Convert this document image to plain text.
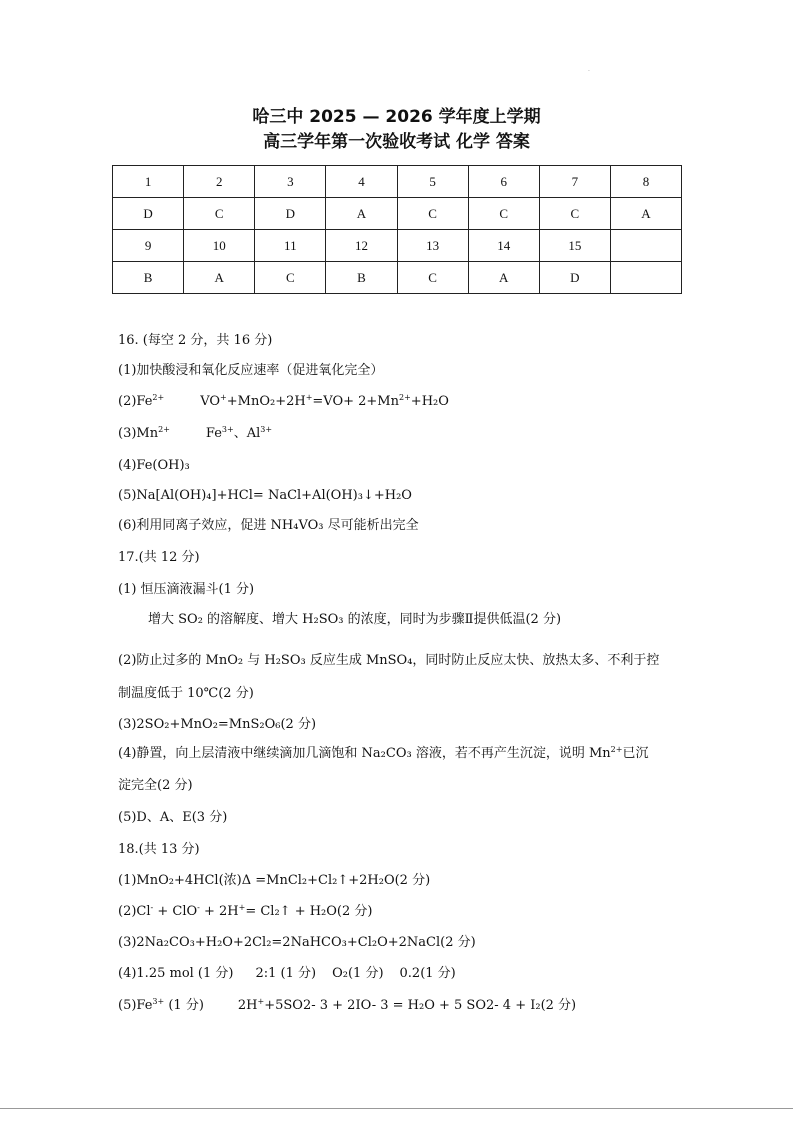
.
哈三中 2025 — 2026 学年度上学期
高三学年第一次验收考试 化学 答案
1	2	3	4	5	6	7	8
D	C	D	A	C	C	C	A
9	10	11	12	13	14	15	
B	A	C	B	C	A	D	
16. (每空 2 分，共 16 分)
(1)加快酸浸和氧化反应速率（促进氧化完全）
$(2)Fe^{2+}$	$VO^++MnO_2+2H^+=VO+ 2+Mn^{2+}+H_2O$
$(3)Mn^{2+}$	$Fe^{3+}$、$Al^{3+}$
(4)Fe(OH)₃
(5)Na[Al(OH)₄]+HCl= NaCl+Al(OH)₃↓+H₂O
(6)利用同离子效应，促进 NH₄VO₃ 尽可能析出完全
17.(共 12 分)
(1) 恒压滴液漏斗(1 分)
增大 SO₂ 的溶解度、增大 H₂SO₃ 的浓度，同时为步骤Ⅱ提供低温(2 分)
(2)防止过多的 MnO₂ 与 H₂SO₃ 反应生成 MnSO₄，同时防止反应太快、放热太多、不利于控
制温度低于 10℃(2 分)
(3)2SO₂+MnO₂=MnS₂O₆(2 分)
(4)静置，向上层清液中继续滴加几滴饱和 Na₂CO₃ 溶液，若不再产生沉淀，说明 $Mn^{2+}$已沉
淀完全(2 分)
(5)D、A、E(3 分)
18.(共 13 分)
(1)MnO₂+4HCl(浓)Δ =MnCl₂+Cl₂↑+2H₂O(2 分)
(2)Cl- + ClO- + 2H+= Cl₂↑ + H₂O(2 分)
(3)2Na₂CO₃+H₂O+2Cl₂=2NaHCO₃+Cl₂O+2NaCl(2 分)
(4)1.25 mol (1 分) 2:1 (1 分) O₂(1 分) 0.2(1 分)
$(5)Fe^{3+}$ (1 分)	2H++5SO2- 3 + 2IO- 3 = H₂O + 5 SO2- 4 + I₂(2 分)
